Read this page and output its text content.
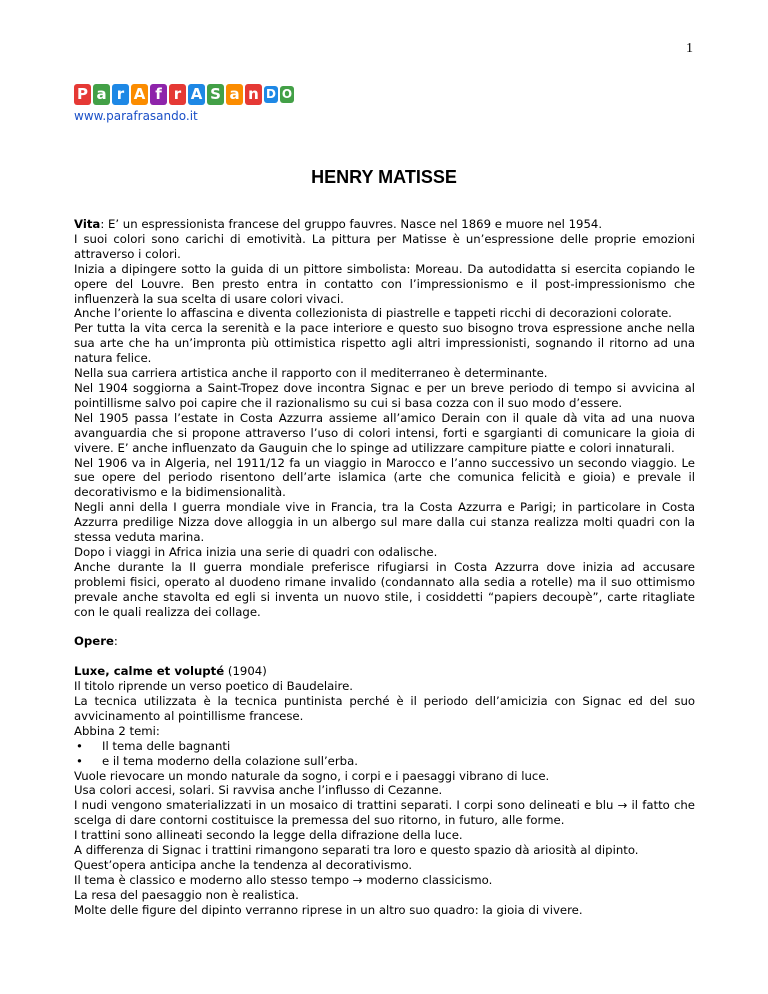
1
P a r A f r A S a n D O
www.parafrasando.it
HENRY MATISSE

Vita: E’ un espressionista francese del gruppo fauvres. Nasce nel 1869 e muore nel 1954.

I suoi colori sono carichi di emotività. La pittura per Matisse è un’espressione delle proprie emozioni attraverso i colori.

Inizia a dipingere sotto la guida di un pittore simbolista: Moreau. Da autodidatta si esercita copiando le opere del Louvre. Ben presto entra in contatto con l’impressionismo e il post-impressionismo che influenzerà la sua scelta di usare colori vivaci.

Anche l’oriente lo affascina e diventa collezionista di piastrelle e tappeti ricchi di decorazioni colorate.

Per tutta la vita cerca la serenità e la pace interiore e questo suo bisogno trova espressione anche nella sua arte che ha un’impronta più ottimistica rispetto agli altri impressionisti, sognando il ritorno ad una natura felice.

Nella sua carriera artistica anche il rapporto con il mediterraneo è determinante.

Nel 1904 soggiorna a Saint-Tropez dove incontra Signac e per un breve periodo di tempo si avvicina al pointillisme salvo poi capire che il razionalismo su cui si basa cozza con il suo modo d’essere.

Nel 1905 passa l’estate in Costa Azzurra assieme all’amico Derain con il quale dà vita ad una nuova avanguardia che si propone attraverso l’uso di colori intensi, forti e sgargianti di comunicare la gioia di vivere. E’ anche influenzato da Gauguin che lo spinge ad utilizzare campiture piatte e colori innaturali.

Nel 1906 va in Algeria, nel 1911/12 fa un viaggio in Marocco e l’anno successivo un secondo viaggio. Le sue opere del periodo risentono dell’arte islamica (arte che comunica felicità e gioia) e prevale il decorativismo e la bidimensionalità.

Negli anni della I guerra mondiale vive in Francia, tra la Costa Azzurra e Parigi; in particolare in Costa Azzurra predilige Nizza dove alloggia in un albergo sul mare dalla cui stanza realizza molti quadri con la stessa veduta marina.

Dopo i viaggi in Africa inizia una serie di quadri con odalische.

Anche durante la II guerra mondiale preferisce rifugiarsi in Costa Azzurra dove inizia ad accusare problemi fisici, operato al duodeno rimane invalido (condannato alla sedia a rotelle) ma il suo ottimismo prevale anche stavolta ed egli si inventa un nuovo stile, i cosiddetti “papiers decoupè”, carte ritagliate con le quali realizza dei collage.

Opere:

Luxe, calme et volupté (1904)

Il titolo riprende un verso poetico di Baudelaire.

La tecnica utilizzata è la tecnica puntinista perché è il periodo dell’amicizia con Signac ed del suo avvicinamento al pointillisme francese.

Abbina 2 temi:

• Il tema delle bagnanti
• e il tema moderno della colazione sull’erba.

Vuole rievocare un mondo naturale da sogno, i corpi e i paesaggi vibrano di luce.

Usa colori accesi, solari. Si ravvisa anche l’influsso di Cezanne.

I nudi vengono smaterializzati in un mosaico di trattini separati. I corpi sono delineati e blu → il fatto che scelga di dare contorni costituisce la premessa del suo ritorno, in futuro, alle forme.

I trattini sono allineati secondo la legge della difrazione della luce.

A differenza di Signac i trattini rimangono separati tra loro e questo spazio dà ariosità al dipinto.

Quest’opera anticipa anche la tendenza al decorativismo.

Il tema è classico e moderno allo stesso tempo → moderno classicismo.

La resa del paesaggio non è realistica.

Molte delle figure del dipinto verranno riprese in un altro suo quadro: la gioia di vivere.
